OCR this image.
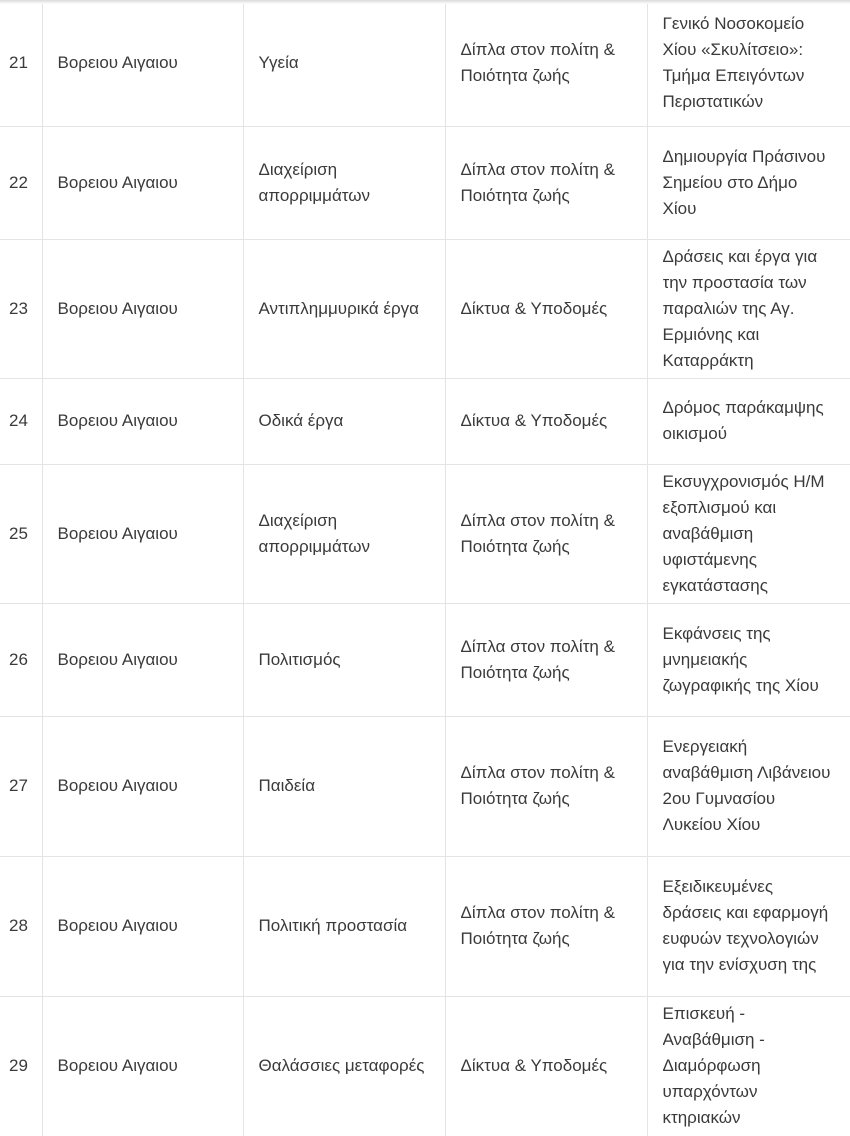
21	Βορειου Αιγαιου	Υγεία	Δίπλα στον πολίτη & Ποιότητα ζωής	Γενικό Νοσοκομείο Χίου «Σκυλίτσειο»: Τμήμα Επειγόντων Περιστατικών

22	Βορειου Αιγαιου	Διαχείριση απορριμμάτων	Δίπλα στον πολίτη & Ποιότητα ζωής	Δημιουργία Πράσινου Σημείου στο Δήμο Χίου

23	Βορειου Αιγαιου	Αντιπλημμυρικά έργα	Δίκτυα & Υποδομές	Δράσεις και έργα για την προστασία των παραλιών της Αγ. Ερμιόνης και Καταρράκτη

24	Βορειου Αιγαιου	Οδικά έργα	Δίκτυα & Υποδομές	Δρόμος παράκαμψης οικισμού

25	Βορειου Αιγαιου	Διαχείριση απορριμμάτων	Δίπλα στον πολίτη & Ποιότητα ζωής	Εκσυγχρονισμός Η/Μ εξοπλισμού και αναβάθμιση υφιστάμενης εγκατάστασης

26	Βορειου Αιγαιου	Πολιτισμός	Δίπλα στον πολίτη & Ποιότητα ζωής	Εκφάνσεις της μνημειακής ζωγραφικής της Χίου

27	Βορειου Αιγαιου	Παιδεία	Δίπλα στον πολίτη & Ποιότητα ζωής	Ενεργειακή αναβάθμιση Λιβάνειου 2ου Γυμνασίου Λυκείου Χίου

28	Βορειου Αιγαιου	Πολιτική προστασία	Δίπλα στον πολίτη & Ποιότητα ζωής	Εξειδικευμένες δράσεις και εφαρμογή ευφυών τεχνολογιών για την ενίσχυση της

29	Βορειου Αιγαιου	Θαλάσσιες μεταφορές	Δίκτυα & Υποδομές	Επισκευή - Αναβάθμιση - Διαμόρφωση υπαρχόντων κτηριακών
